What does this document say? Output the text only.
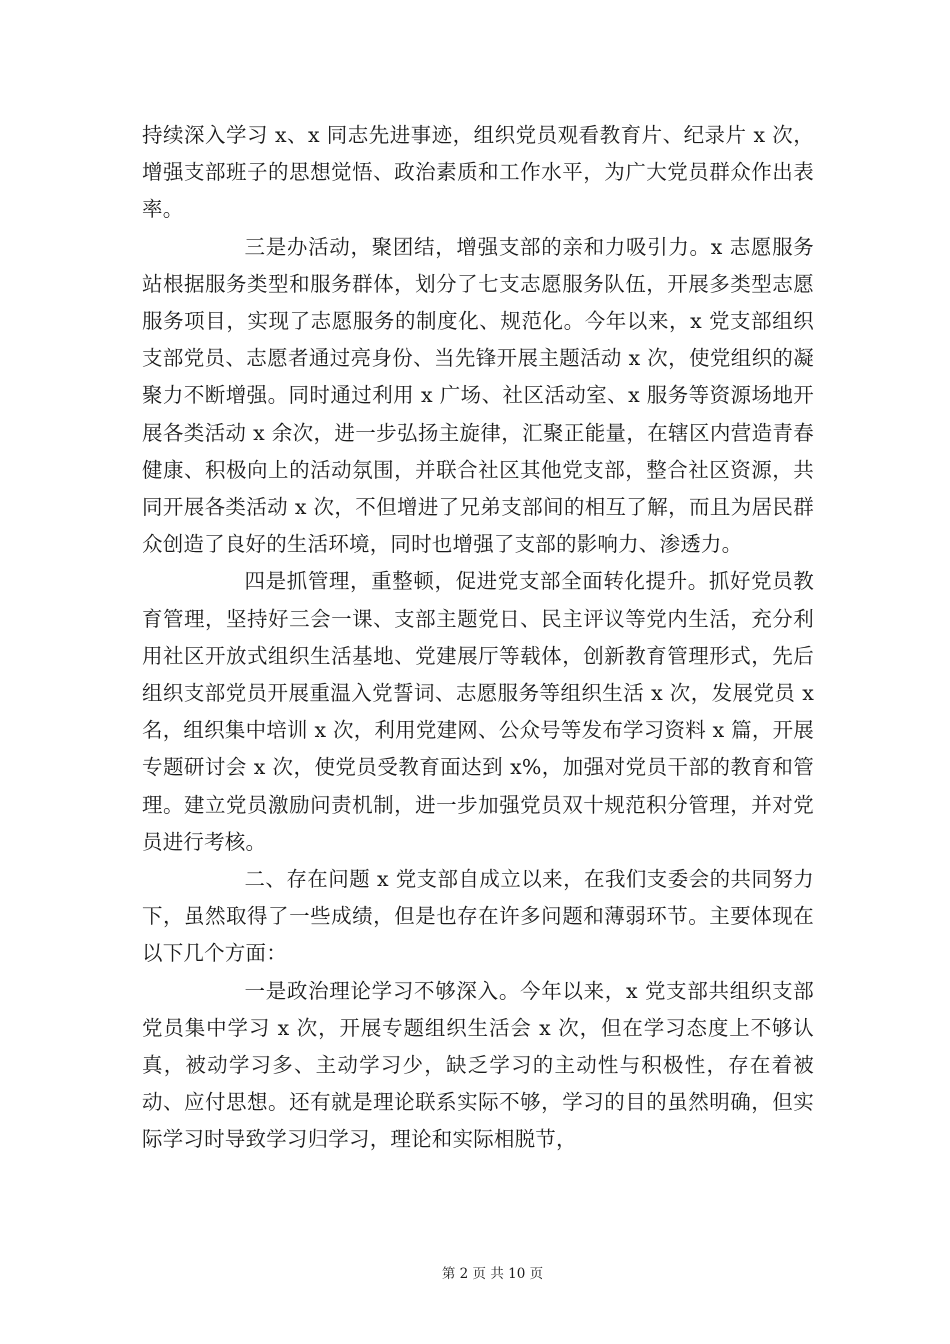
持续深入学习 x、x 同志先进事迹，组织党员观看教育片、纪录片 x 次，增强支部班子的思想觉悟、政治素质和工作水平，为广大党员群众作出表率。

三是办活动，聚团结，增强支部的亲和力吸引力。x 志愿服务站根据服务类型和服务群体，划分了七支志愿服务队伍，开展多类型志愿服务项目，实现了志愿服务的制度化、规范化。今年以来，x 党支部组织支部党员、志愿者通过亮身份、当先锋开展主题活动 x 次，使党组织的凝聚力不断增强。同时通过利用 x 广场、社区活动室、x 服务等资源场地开展各类活动 x 余次，进一步弘扬主旋律，汇聚正能量，在辖区内营造青春健康、积极向上的活动氛围，并联合社区其他党支部，整合社区资源，共同开展各类活动 x 次，不但增进了兄弟支部间的相互了解，而且为居民群众创造了良好的生活环境，同时也增强了支部的影响力、渗透力。

四是抓管理，重整顿，促进党支部全面转化提升。抓好党员教育管理，坚持好三会一课、支部主题党日、民主评议等党内生活，充分利用社区开放式组织生活基地、党建展厅等载体，创新教育管理形式，先后组织支部党员开展重温入党誓词、志愿服务等组织生活 x 次，发展党员 x 名，组织集中培训 x 次，利用党建网、公众号等发布学习资料 x 篇，开展专题研讨会 x 次，使党员受教育面达到 x%，加强对党员干部的教育和管理。建立党员激励问责机制，进一步加强党员双十规范积分管理，并对党员进行考核。

二、存在问题 x 党支部自成立以来，在我们支委会的共同努力下，虽然取得了一些成绩，但是也存在许多问题和薄弱环节。主要体现在以下几个方面：

一是政治理论学习不够深入。今年以来，x 党支部共组织支部党员集中学习 x 次，开展专题组织生活会 x 次，但在学习态度上不够认真，被动学习多、主动学习少，缺乏学习的主动性与积极性，存在着被动、应付思想。还有就是理论联系实际不够，学习的目的虽然明确，但实际学习时导致学习归学习，理论和实际相脱节，

第 2 页 共 10 页
